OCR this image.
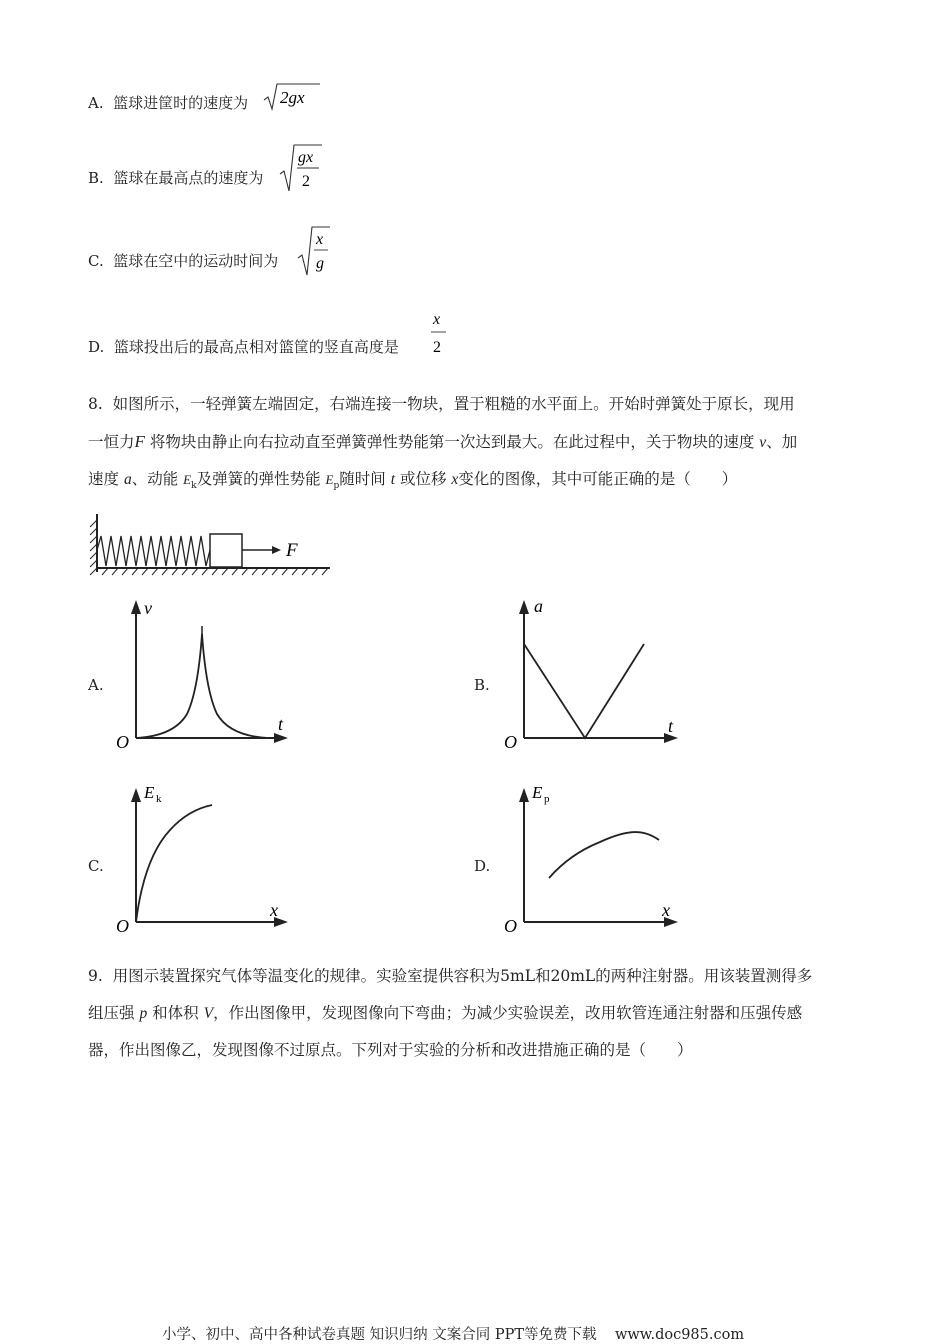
A. 篮球进筐时的速度为 2gx
B. 篮球在最高点的速度为
gx
2
C. 篮球在空中的运动时间为
x
g
D. 篮球投出后的最高点相对篮筐的竖直高度是
x
2
8. 如图所示，一轻弹簧左端固定，右端连接一物块，置于粗糙的水平面上。开始时弹簧处于原长，现用
一恒力F 将物块由静止向右拉动直至弹簧弹性势能第一次达到最大。在此过程中，关于物块的速度 v、加
速度 a、动能 $E_k$及弹簧的弹性势能 $E_p$随时间 t 或位移 x变化的图像，其中可能正确的是（　　）
F
A.
v
t
O
B.
a
t
O
C.
E k
x
O
D.
E p
x
O
9. 用图示装置探究气体等温变化的规律。实验室提供容积为5mL和20mL的两种注射器。用该装置测得多
组压强 p 和体积 V，作出图像甲，发现图像向下弯曲；为减少实验误差，改用软管连通注射器和压强传感
器，作出图像乙，发现图像不过原点。下列对于实验的分析和改进措施正确的是（　　）
小学、初中、高中各种试卷真题 知识归纳 文案合同 PPT等免费下载 www.doc985.com
